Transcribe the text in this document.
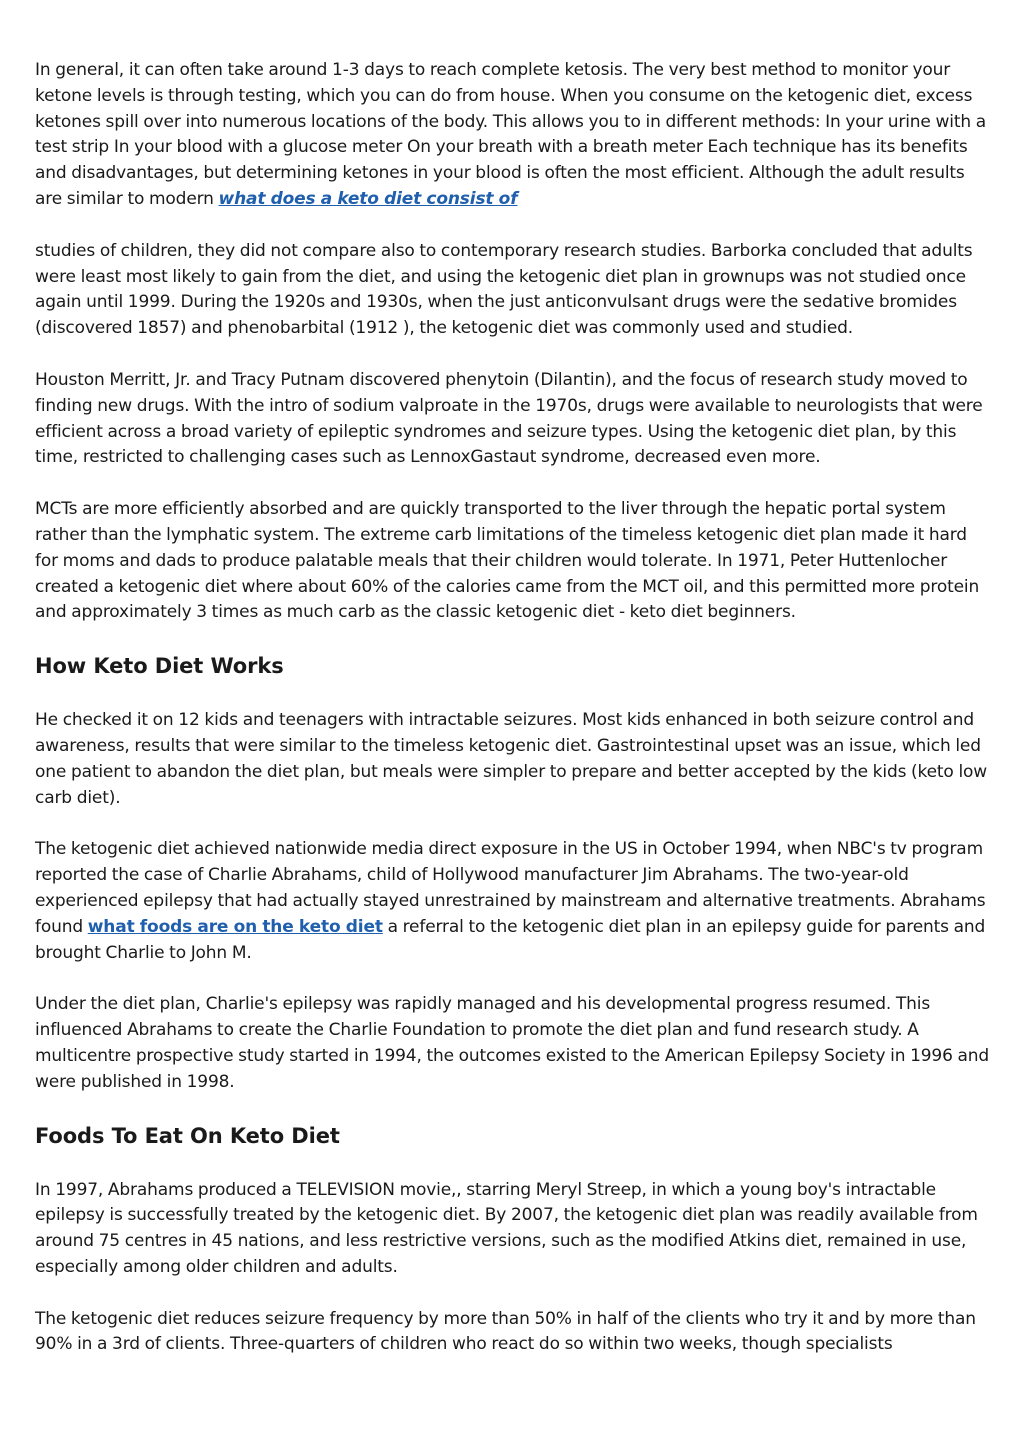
In general, it can often take around 1-3 days to reach complete ketosis. The very best method to monitor your ketone levels is through testing, which you can do from house. When you consume on the ketogenic diet, excess ketones spill over into numerous locations of the body. This allows you to in different methods: In your urine with a test strip In your blood with a glucose meter On your breath with a breath meter Each technique has its benefits and disadvantages, but determining ketones in your blood is often the most efficient. Although the adult results are similar to modern what does a keto diet consist of

studies of children, they did not compare also to contemporary research studies. Barborka concluded that adults were least most likely to gain from the diet, and using the ketogenic diet plan in grownups was not studied once again until 1999. During the 1920s and 1930s, when the just anticonvulsant drugs were the sedative bromides (discovered 1857) and phenobarbital (1912 ), the ketogenic diet was commonly used and studied.

Houston Merritt, Jr. and Tracy Putnam discovered phenytoin (Dilantin), and the focus of research study moved to finding new drugs. With the intro of sodium valproate in the 1970s, drugs were available to neurologists that were efficient across a broad variety of epileptic syndromes and seizure types. Using the ketogenic diet plan, by this time, restricted to challenging cases such as LennoxGastaut syndrome, decreased even more.

MCTs are more efficiently absorbed and are quickly transported to the liver through the hepatic portal system rather than the lymphatic system. The extreme carb limitations of the timeless ketogenic diet plan made it hard for moms and dads to produce palatable meals that their children would tolerate. In 1971, Peter Huttenlocher created a ketogenic diet where about 60% of the calories came from the MCT oil, and this permitted more protein and approximately 3 times as much carb as the classic ketogenic diet - keto diet beginners.

How Keto Diet Works

He checked it on 12 kids and teenagers with intractable seizures. Most kids enhanced in both seizure control and awareness, results that were similar to the timeless ketogenic diet. Gastrointestinal upset was an issue, which led one patient to abandon the diet plan, but meals were simpler to prepare and better accepted by the kids (keto low carb diet).

The ketogenic diet achieved nationwide media direct exposure in the US in October 1994, when NBC's tv program reported the case of Charlie Abrahams, child of Hollywood manufacturer Jim Abrahams. The two-year-old experienced epilepsy that had actually stayed unrestrained by mainstream and alternative treatments. Abrahams found what foods are on the keto diet a referral to the ketogenic diet plan in an epilepsy guide for parents and brought Charlie to John M.

Under the diet plan, Charlie's epilepsy was rapidly managed and his developmental progress resumed. This influenced Abrahams to create the Charlie Foundation to promote the diet plan and fund research study. A multicentre prospective study started in 1994, the outcomes existed to the American Epilepsy Society in 1996 and were published in 1998.

Foods To Eat On Keto Diet

In 1997, Abrahams produced a TELEVISION movie,, starring Meryl Streep, in which a young boy's intractable epilepsy is successfully treated by the ketogenic diet. By 2007, the ketogenic diet plan was readily available from around 75 centres in 45 nations, and less restrictive versions, such as the modified Atkins diet, remained in use, especially among older children and adults.

The ketogenic diet reduces seizure frequency by more than 50% in half of the clients who try it and by more than 90% in a 3rd of clients. Three-quarters of children who react do so within two weeks, though specialists
